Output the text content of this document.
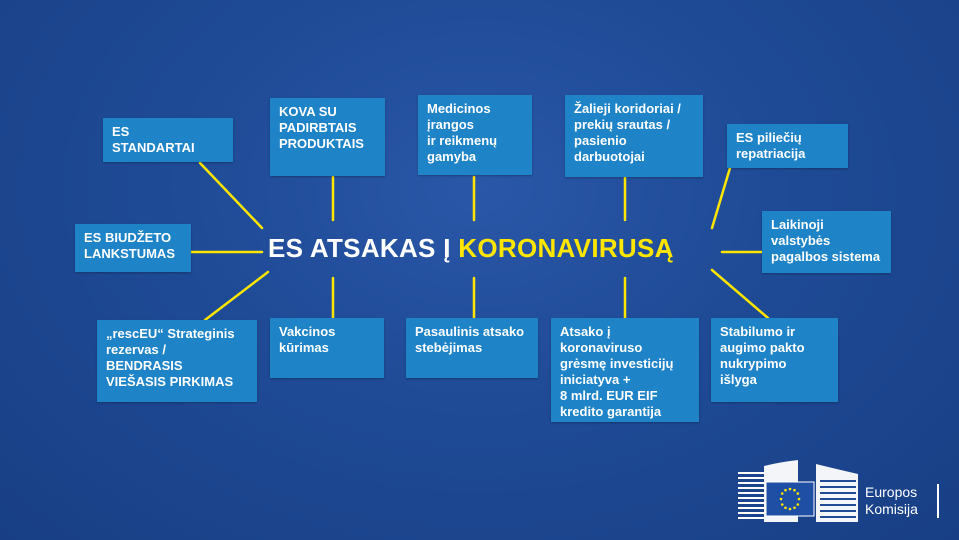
ES
STANDARTAI
KOVA SU
PADIRBTAIS
PRODUKTAIS
Medicinos
įrangos
ir reikmenų
gamyba
Žalieji koridoriai /
prekių srautas /
pasienio
darbuotojai
ES piliečių
repatriacija
ES BIUDŽETO
LANKSTUMAS
Laikinoji
valstybės
pagalbos sistema
„rescEU“ Strateginis
rezervas /
BENDRASIS
VIEŠASIS PIRKIMAS
Vakcinos
kūrimas
Pasaulinis atsako
stebėjimas
Atsako į koronaviruso
grėsmę investicijų
iniciatyva +
8 mlrd. EUR EIF
kredito garantija
Stabilumo ir
augimo pakto
nukrypimo
išlyga
ES ATSAKAS Į KORONAVIRUSĄ
Europos
Komisija
